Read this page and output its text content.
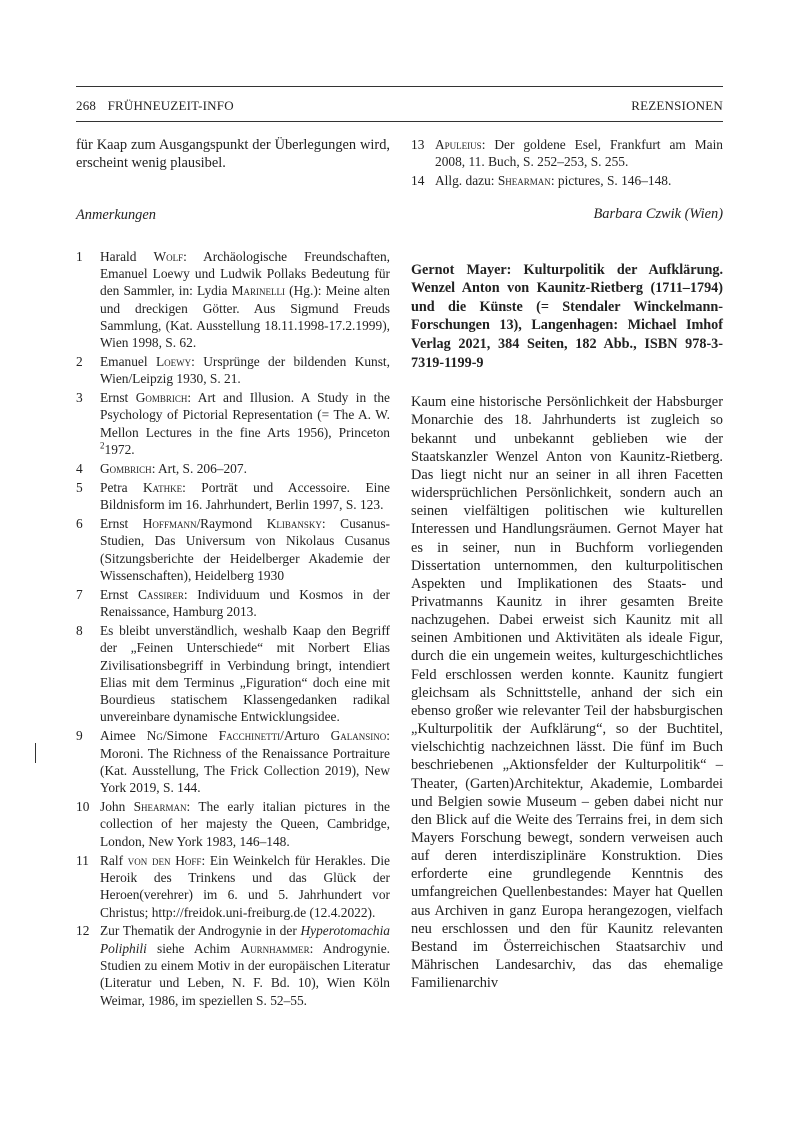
268 FRÜHNEUZEIT-INFO	REZENSIONEN

für Kaap zum Ausgangspunkt der Überlegungen wird, erscheint wenig plausibel.

Anmerkungen
1 Harald Wolf: Archäologische Freundschaften, Emanuel Loewy und Ludwik Pollaks Bedeutung für den Sammler, in: Lydia Marinelli (Hg.): Meine alten und dreckigen Götter. Aus Sigmund Freuds Sammlung, (Kat. Ausstellung 18.11.1998-17.2.1999), Wien 1998, S. 62.
2 Emanuel Loewy: Ursprünge der bildenden Kunst, Wien/Leipzig 1930, S. 21.
3 Ernst Gombrich: Art and Illusion. A Study in the Psychology of Pictorial Representation (= The A. W. Mellon Lectures in the fine Arts 1956), Princeton $^2$1972.
4 Gombrich: Art, S. 206–207.
5 Petra Kathke: Porträt und Accessoire. Eine Bildnisform im 16. Jahrhundert, Berlin 1997, S. 123.
6 Ernst Hoffmann/Raymond Klibansky: Cusanus-Studien, Das Universum von Nikolaus Cusanus (Sitzungsberichte der Heidelberger Akademie der Wissenschaften), Heidelberg 1930
7 Ernst Cassirer: Individuum und Kosmos in der Renaissance, Hamburg 2013.
8 Es bleibt unverständlich, weshalb Kaap den Begriff der „Feinen Unterschiede“ mit Norbert Elias Zivilisationsbegriff in Verbindung bringt, intendiert Elias mit dem Terminus „Figuration“ doch eine mit Bourdieus statischem Klassengedanken radikal unvereinbare dynamische Entwicklungsidee.
9 Aimee Ng/Simone Facchinetti/Arturo Galansino: Moroni. The Richness of the Renaissance Portraiture (Kat. Ausstellung, The Frick Collection 2019), New York 2019, S. 144.
10 John Shearman: The early italian pictures in the collection of her majesty the Queen, Cambridge, London, New York 1983, 146–148.
11 Ralf von den Hoff: Ein Weinkelch für Herakles. Die Heroik des Trinkens und das Glück der Heroen(verehrer) im 6. und 5. Jahrhundert vor Christus; http://freidok.uni-freiburg.de (12.4.2022).
12 Zur Thematik der Androgynie in der Hyperotomachia Poliphili siehe Achim Aurnhammer: Androgynie. Studien zu einem Motiv in der europäischen Literatur (Literatur und Leben, N. F. Bd. 10), Wien Köln Weimar, 1986, im speziellen S. 52–55.
13 Apuleius: Der goldene Esel, Frankfurt am Main 2008, 11. Buch, S. 252–253, S. 255.
14 Allg. dazu: Shearman: pictures, S. 146–148.
Barbara Czwik (Wien)
Gernot Mayer: Kulturpolitik der Aufklärung. Wenzel Anton von Kaunitz-Rietberg (1711–1794) und die Künste (= Stendaler Winckelmann-Forschungen 13), Langenhagen: Michael Imhof Verlag 2021, 384 Seiten, 182 Abb., ISBN 978-3-7319-1199-9
Kaum eine historische Persönlichkeit der Habsburger Monarchie des 18. Jahrhunderts ist zugleich so bekannt und unbekannt geblieben wie der Staatskanzler Wenzel Anton von Kaunitz-Rietberg. Das liegt nicht nur an seiner in all ihren Facetten widersprüchlichen Persönlichkeit, sondern auch an seinen vielfältigen politischen wie kulturellen Interessen und Handlungsräumen. Gernot Mayer hat es in seiner, nun in Buchform vorliegenden Dissertation unternommen, den kulturpolitischen Aspekten und Implikationen des Staats- und Privatmanns Kaunitz in ihrer gesamten Breite nachzugehen. Dabei erweist sich Kaunitz mit all seinen Ambitionen und Aktivitäten als ideale Figur, durch die ein ungemein weites, kulturgeschichtliches Feld erschlossen werden konnte. Kaunitz fungiert gleichsam als Schnittstelle, anhand der sich ein ebenso großer wie relevanter Teil der habsburgischen „Kulturpolitik der Aufklärung“, so der Buchtitel, vielschichtig nachzeichnen lässt. Die fünf im Buch beschriebenen „Aktionsfelder der Kulturpolitik“ – Theater, (Garten)Architektur, Akademie, Lombardei und Belgien sowie Museum – geben dabei nicht nur den Blick auf die Weite des Terrains frei, in dem sich Mayers Forschung bewegt, sondern verweisen auch auf deren interdisziplinäre Konstruktion. Dies erforderte eine grundlegende Kenntnis des umfangreichen Quellenbestandes: Mayer hat Quellen aus Archiven in ganz Europa herangezogen, vielfach neu erschlossen und den für Kaunitz relevanten Bestand im Österreichischen Staatsarchiv und Mährischen Landesarchiv, das das ehemalige Familienarchiv
